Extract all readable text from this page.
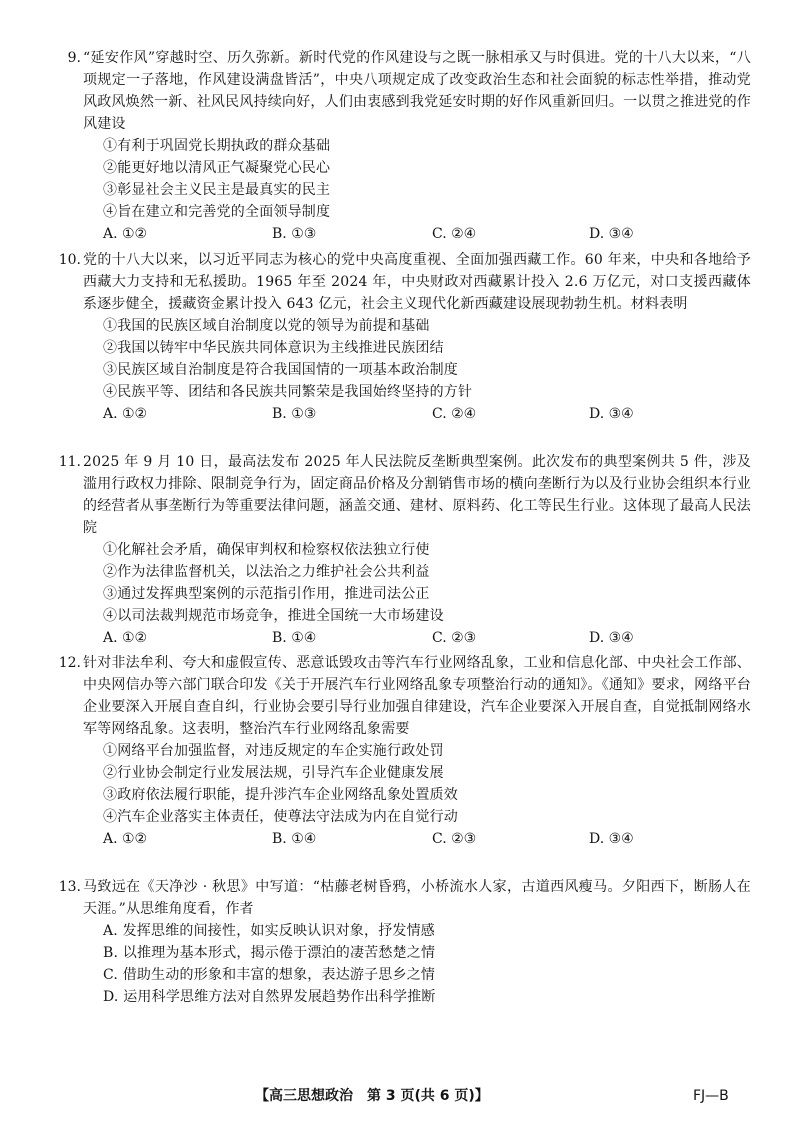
9. “延安作风”穿越时空、历久弥新。新时代党的作风建设与之既一脉相承又与时俱进。党的十八大以来，“八项规定一子落地，作风建设满盘皆活”，中央八项规定成了改变政治生态和社会面貌的标志性举措，推动党风政风焕然一新、社风民风持续向好，人们由衷感到我党延安时期的好作风重新回归。一以贯之推进党的作风建设
①有利于巩固党长期执政的群众基础
②能更好地以清风正气凝聚党心民心
③彰显社会主义民主是最真实的民主
④旨在建立和完善党的全面领导制度
A. ①②	B. ①③	C. ②④	D. ③④
10. 党的十八大以来，以习近平同志为核心的党中央高度重视、全面加强西藏工作。60 年来，中央和各地给予西藏大力支持和无私援助。1965 年至 2024 年，中央财政对西藏累计投入 2.6 万亿元，对口支援西藏体系逐步健全，援藏资金累计投入 643 亿元，社会主义现代化新西藏建设展现勃勃生机。材料表明
①我国的民族区域自治制度以党的领导为前提和基础
②我国以铸牢中华民族共同体意识为主线推进民族团结
③民族区域自治制度是符合我国国情的一项基本政治制度
④民族平等、团结和各民族共同繁荣是我国始终坚持的方针
A. ①②	B. ①③	C. ②④	D. ③④
11. 2025 年 9 月 10 日，最高法发布 2025 年人民法院反垄断典型案例。此次发布的典型案例共 5 件，涉及滥用行政权力排除、限制竞争行为，固定商品价格及分割销售市场的横向垄断行为以及行业协会组织本行业的经营者从事垄断行为等重要法律问题，涵盖交通、建材、原料药、化工等民生行业。这体现了最高人民法院
①化解社会矛盾，确保审判权和检察权依法独立行使
②作为法律监督机关，以法治之力维护社会公共利益
③通过发挥典型案例的示范指引作用，推进司法公正
④以司法裁判规范市场竞争，推进全国统一大市场建设
A. ①②	B. ①④	C. ②③	D. ③④
12. 针对非法牟利、夸大和虚假宣传、恶意诋毁攻击等汽车行业网络乱象，工业和信息化部、中央社会工作部、中央网信办等六部门联合印发《关于开展汽车行业网络乱象专项整治行动的通知》。《通知》要求，网络平台企业要深入开展自查自纠，行业协会要引导行业加强自律建设，汽车企业要深入开展自查，自觉抵制网络水军等网络乱象。这表明，整治汽车行业网络乱象需要
①网络平台加强监督，对违反规定的车企实施行政处罚
②行业协会制定行业发展法规，引导汽车企业健康发展
③政府依法履行职能，提升涉汽车企业网络乱象处置质效
④汽车企业落实主体责任，使尊法守法成为内在自觉行动
A. ①②	B. ①④	C. ②③	D. ③④
13. 马致远在《天净沙 · 秋思》中写道：“枯藤老树昏鸦，小桥流水人家，古道西风瘦马。夕阳西下，断肠人在天涯。”从思维角度看，作者
A. 发挥思维的间接性，如实反映认识对象，抒发情感
B. 以推理为基本形式，揭示倦于漂泊的凄苦愁楚之情
C. 借助生动的形象和丰富的想象，表达游子思乡之情
D. 运用科学思维方法对自然界发展趋势作出科学推断
【高三思想政治　第 3 页(共 6 页)】	FJ—B
